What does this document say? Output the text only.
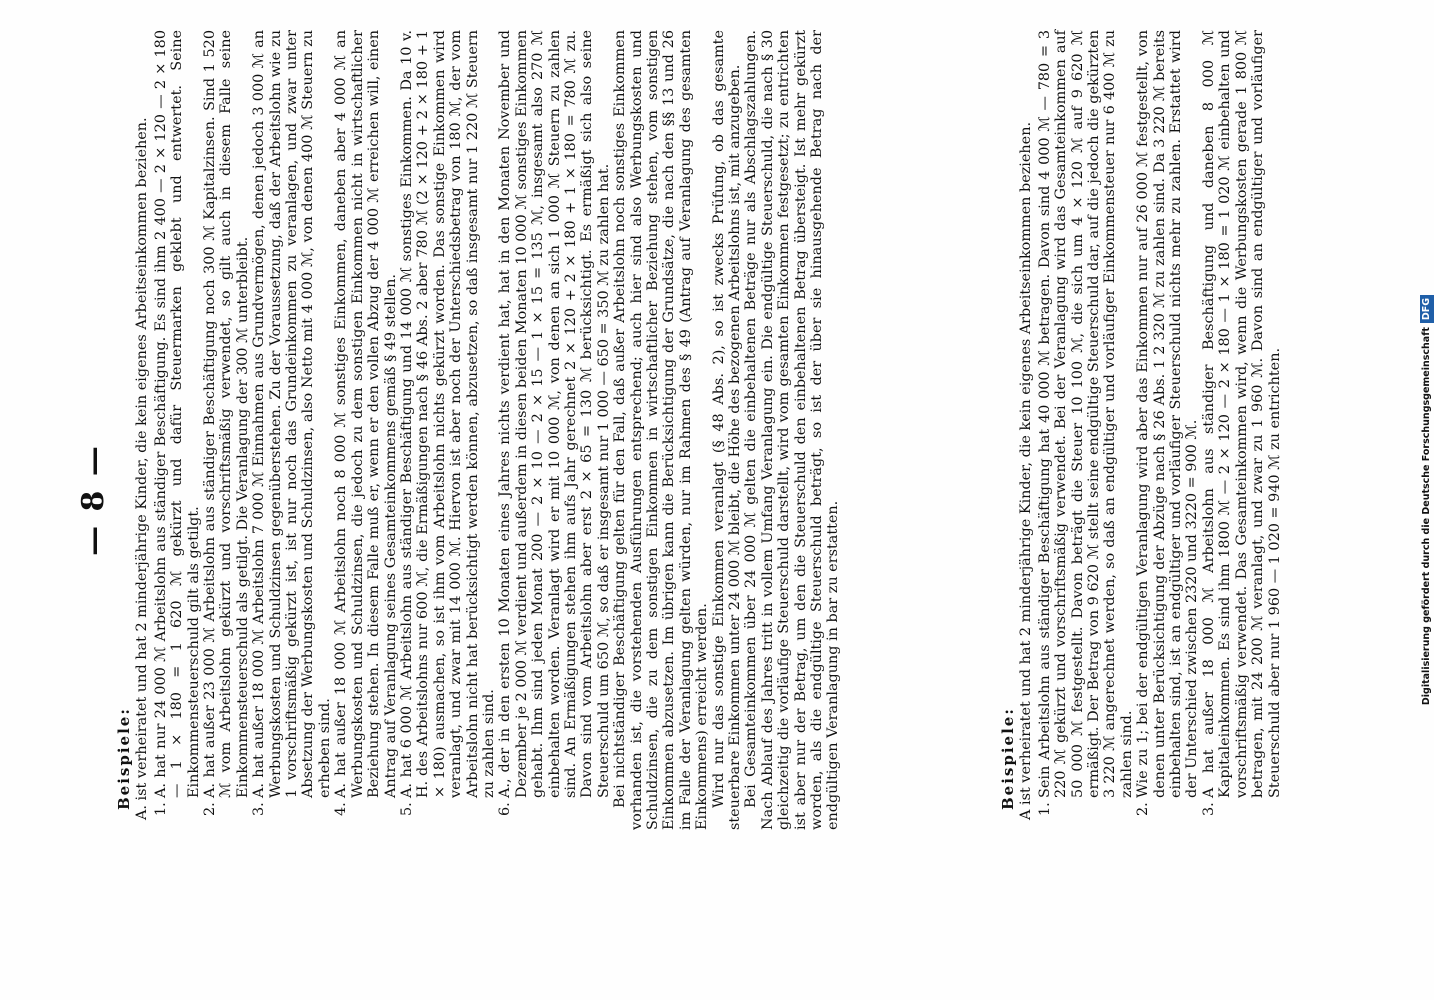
— 8 —
Beispiele: A. ist verheiratet und hat 2 minderjährige Kinder, die kein eigenes Arbeitseinkommen beziehen. 1.
A. hat nur 24 000 ℳ Arbeitslohn aus ständiger Beschäftigung. Es sind ihm 2 400 — 2 × 120 — 2 × 180 — 1 × 180 = 1 620 ℳ gekürzt und dafür Steuermarken geklebt und entwertet. Seine Einkommensteuerschuld gilt als getilgt.
2.
A. hat außer 23 000 ℳ Arbeitslohn aus ständiger Beschäftigung noch 300 ℳ Kapitalzinsen. Sind 1 520 ℳ vom Arbeitslohn gekürzt und vorschriftsmäßig verwendet, so gilt auch in diesem Falle seine Einkommensteuerschuld als getilgt. Die Veranlagung der 300 ℳ unterbleibt.
3.
A. hat außer 18 000 ℳ Arbeitslohn 7 000 ℳ Einnahmen aus Grundvermögen, denen jedoch 3 000 ℳ an Werbungskosten und Schuldzinsen gegenüberstehen. Zu der Voraussetzung, daß der Arbeitslohn wie zu 1 vorschriftsmäßig gekürzt ist, ist nur noch das Grundeinkommen zu veranlagen, und zwar unter Absetzung der Werbungskosten und Schuldzinsen, also Netto mit 4 000 ℳ, von denen 400 ℳ Steuern zu erheben sind.
4.
A. hat außer 18 000 ℳ Arbeitslohn noch 8 000 ℳ sonstiges Einkommen, daneben aber 4 000 ℳ an Werbungskosten und Schuldzinsen, die jedoch zu dem sonstigen Einkommen nicht in wirtschaftlicher Beziehung stehen. In diesem Falle muß er, wenn er den vollen Abzug der 4 000 ℳ erreichen will, einen Antrag auf Veranlagung seines Gesamteinkommens gemäß § 49 stellen.
5.
A. hat 6 000 ℳ Arbeitslohn aus ständiger Beschäftigung und 14 000 ℳ sonstiges Einkommen. Da 10 v. H. des Arbeitslohns nur 600 ℳ, die Ermäßigungen nach § 46 Abs. 2 aber 780 ℳ (2 × 120 + 2 × 180 + 1 × 180) ausmachen, so ist ihm vom Arbeitslohn nichts gekürzt worden. Das sonstige Einkommen wird veranlagt, und zwar mit 14 000 ℳ. Hiervon ist aber noch der Unterschiedsbetrag von 180 ℳ, der vom Arbeitslohn nicht hat berücksichtigt werden können, abzusetzen, so daß insgesamt nur 1 220 ℳ Steuern zu zahlen sind.
6.
A., der in den ersten 10 Monaten eines Jahres nichts verdient hat, hat in den Monaten November und Dezember je 2 000 ℳ verdient und außerdem in diesen beiden Monaten 10 000 ℳ sonstiges Einkommen gehabt. Ihm sind jeden Monat 200 — 2 × 10 — 2 × 15 — 1 × 15 = 135 ℳ, insgesamt also 270 ℳ einbehalten worden. Veranlagt wird er mit 10 000 ℳ, von denen an sich 1 000 ℳ Steuern zu zahlen sind. An Ermäßigungen stehen ihm aufs Jahr gerechnet 2 × 120 + 2 × 180 + 1 × 180 = 780 ℳ zu. Davon sind vom Arbeitslohn aber erst 2 × 65 = 130 ℳ berücksichtigt. Es ermäßigt sich also seine Steuerschuld um 650 ℳ, so daß er insgesamt nur 1 000 — 650 = 350 ℳ zu zahlen hat. Bei nichtständiger Beschäftigung gelten für den Fall, daß außer Arbeitslohn noch sonstiges Einkommen vorhanden ist, die vorstehenden Ausführungen entsprechend; auch hier sind also Werbungskosten und Schuldzinsen, die zu dem sonstigen Einkommen in wirtschaftlicher Beziehung stehen, vom sonstigen Einkommen abzusetzen. Im übrigen kann die Berücksichtigung der Grundsätze, die nach den §§ 13 und 26 im Falle der Veranlagung gelten würden, nur im Rahmen des § 49 (Antrag auf Veranlagung des gesamten Einkommens) erreicht werden. Wird nur das sonstige Einkommen veranlagt (§ 48 Abs. 2), so ist zwecks Prüfung, ob das gesamte steuerbare Einkommen unter 24 000 ℳ bleibt, die Höhe des bezogenen Arbeitslohns ist, mit anzugeben. Bei Gesamteinkommen über 24 000 ℳ gelten die einbehaltenen Beträge nur als Abschlagszahlungen. Nach Ablauf des Jahres tritt in vollem Umfang Veranlagung ein. Die endgültige Steuerschuld, die nach § 30 gleichzeitig die vorläufige Steuerschuld darstellt, wird vom gesamten Einkommen festgesetzt; zu entrichten ist aber nur der Betrag, um den die Steuerschuld den einbehaltenen Betrag übersteigt. Ist mehr gekürzt worden, als die endgültige Steuerschuld beträgt, so ist der über sie hinausgehende Betrag nach der endgültigen Veranlagung in bar zu erstatten.	Beispiele: A ist verheiratet und hat 2 minderjährige Kinder, die kein eigenes Arbeitseinkommen beziehen. 1.
Sein Arbeitslohn aus ständiger Beschäftigung hat 40 000 ℳ betragen. Davon sind 4 000 ℳ — 780 = 3 220 ℳ gekürzt und vorschriftsmäßig verwendet. Bei der Veranlagung wird das Gesamteinkommen auf 50 000 ℳ festgestellt. Davon beträgt die Steuer 10 100 ℳ, die sich um 4 × 120 ℳ auf 9 620 ℳ ermäßigt. Der Betrag von 9 620 ℳ stellt seine endgültige Steuerschuld dar, auf die jedoch die gekürzten 3 220 ℳ angerechnet werden, so daß an endgültiger und vorläufiger Einkommensteuer nur 6 400 ℳ zu zahlen sind.
2.
Wie zu 1; bei der endgültigen Veranlagung wird aber das Einkommen nur auf 26 000 ℳ festgestellt, von denen unter Berücksichtigung der Abzüge nach § 26 Abs. 1 2 320 ℳ zu zahlen sind. Da 3 220 ℳ bereits einbehalten sind, ist an endgültiger und vorläufiger Steuerschuld nichts mehr zu zahlen. Erstattet wird der Unterschied zwischen 2320 und 3220 = 900 ℳ.
3.
A hat außer 18 000 ℳ Arbeitslohn aus ständiger Beschäftigung und daneben 8 000 ℳ Kapitaleinkommen. Es sind ihm 1800 ℳ — 2 × 120 — 2 × 180 — 1 × 180 = 1 020 ℳ einbehalten und vorschriftsmäßig verwendet. Das Gesamteinkommen wird, wenn die Werbungskosten gerade 1 800 ℳ betragen, mit 24 200 ℳ veranlagt, und zwar zu 1 960 ℳ. Davon sind an endgültiger und vorläufiger Steuerschuld aber nur 1 960 — 1 020 = 940 ℳ zu entrichten.	Digitalisierung gefördert durch die Deutsche ForschungsgemeinschaftDFG
